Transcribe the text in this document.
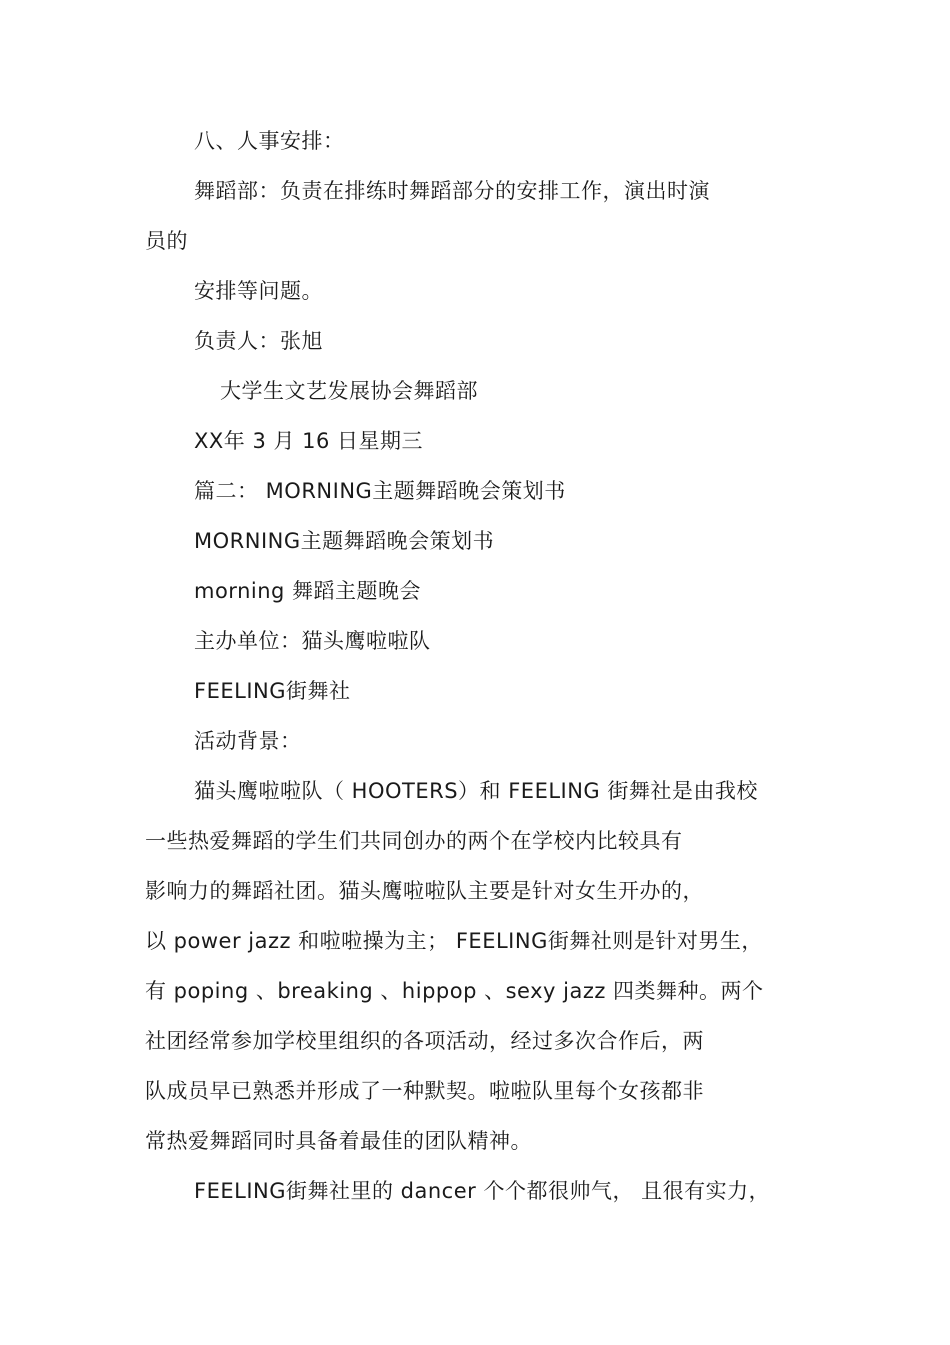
八、人事安排：
舞蹈部：负责在排练时舞蹈部分的安排工作，演出时演
员的
安排等问题。
负责人：张旭
大学生文艺发展协会舞蹈部
XX年 3 月 16 日星期三
篇二： MORNING主题舞蹈晚会策划书
MORNING主题舞蹈晚会策划书
morning 舞蹈主题晚会
主办单位：猫头鹰啦啦队
FEELING街舞社
活动背景：
猫头鹰啦啦队（ HOOTERS）和 FEELING 街舞社是由我校
一些热爱舞蹈的学生们共同创办的两个在学校内比较具有
影响力的舞蹈社团。猫头鹰啦啦队主要是针对女生开办的，
以 power jazz 和啦啦操为主； FEELING街舞社则是针对男生，
有 poping 、breaking 、hippop 、sexy jazz 四类舞种。两个
社团经常参加学校里组织的各项活动，经过多次合作后，两
队成员早已熟悉并形成了一种默契。啦啦队里每个女孩都非
常热爱舞蹈同时具备着最佳的团队精神。
FEELING街舞社里的 dancer 个个都很帅气， 且很有实力，
